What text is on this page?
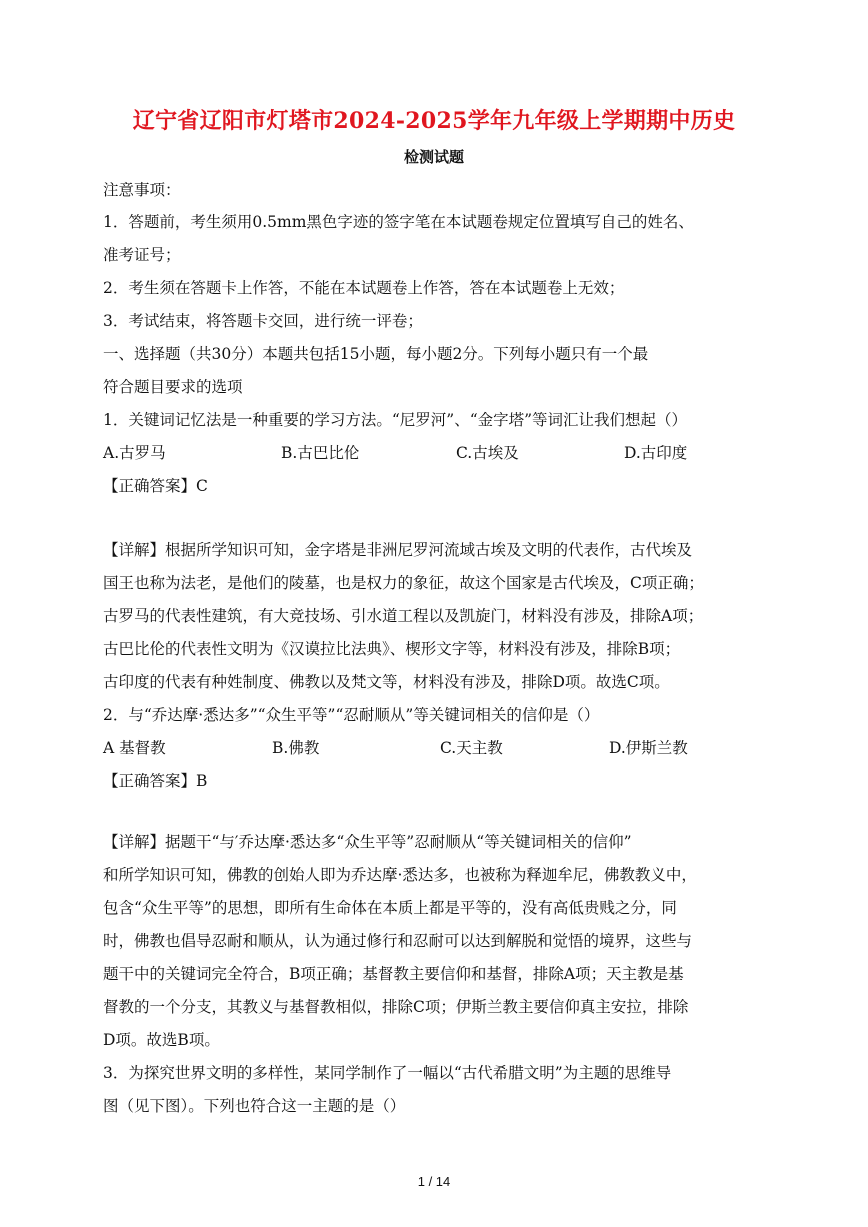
辽宁省辽阳市灯塔市2024-2025学年九年级上学期期中历史
检测试题
注意事项：
1．答题前，考生须用0.5mm黑色字迹的签字笔在本试题卷规定位置填写自己的姓名、
准考证号；
2．考生须在答题卡上作答，不能在本试题卷上作答，答在本试题卷上无效；
3．考试结束，将答题卡交回，进行统一评卷；
一、选择题（共30分）本题共包括15小题，每小题2分。下列每小题只有一个最
符合题目要求的选项
1．关键词记忆法是一种重要的学习方法。“尼罗河”、“金字塔”等词汇让我们想起（）
A.古罗马	B.古巴比伦	C.古埃及	D.古印度
【正确答案】C
【详解】根据所学知识可知，金字塔是非洲尼罗河流域古埃及文明的代表作，古代埃及
国王也称为法老，是他们的陵墓，也是权力的象征，故这个国家是古代埃及，C项正确；
古罗马的代表性建筑，有大竞技场、引水道工程以及凯旋门，材料没有涉及，排除A项；
古巴比伦的代表性文明为《汉谟拉比法典》、楔形文字等，材料没有涉及，排除B项；
古印度的代表有种姓制度、佛教以及梵文等，材料没有涉及，排除D项。故选C项。
2．与“乔达摩·悉达多”“众生平等”“忍耐顺从”等关键词相关的信仰是（）
A 基督教	B.佛教	C.天主教	D.伊斯兰教
【正确答案】B
【详解】据题干“与′乔达摩·悉达多“众生平等”忍耐顺从“等关键词相关的信仰”
和所学知识可知，佛教的创始人即为乔达摩·悉达多，也被称为释迦牟尼，佛教教义中，
包含“众生平等”的思想，即所有生命体在本质上都是平等的，没有高低贵贱之分，同
时，佛教也倡导忍耐和顺从，认为通过修行和忍耐可以达到解脱和觉悟的境界，这些与
题干中的关键词完全符合，B项正确；基督教主要信仰和基督，排除A项；天主教是基
督教的一个分支，其教义与基督教相似，排除C项；伊斯兰教主要信仰真主安拉，排除
D项。故选B项。
3．为探究世界文明的多样性，某同学制作了一幅以“古代希腊文明”为主题的思维导
图（见下图）。下列也符合这一主题的是（）
1 / 14
